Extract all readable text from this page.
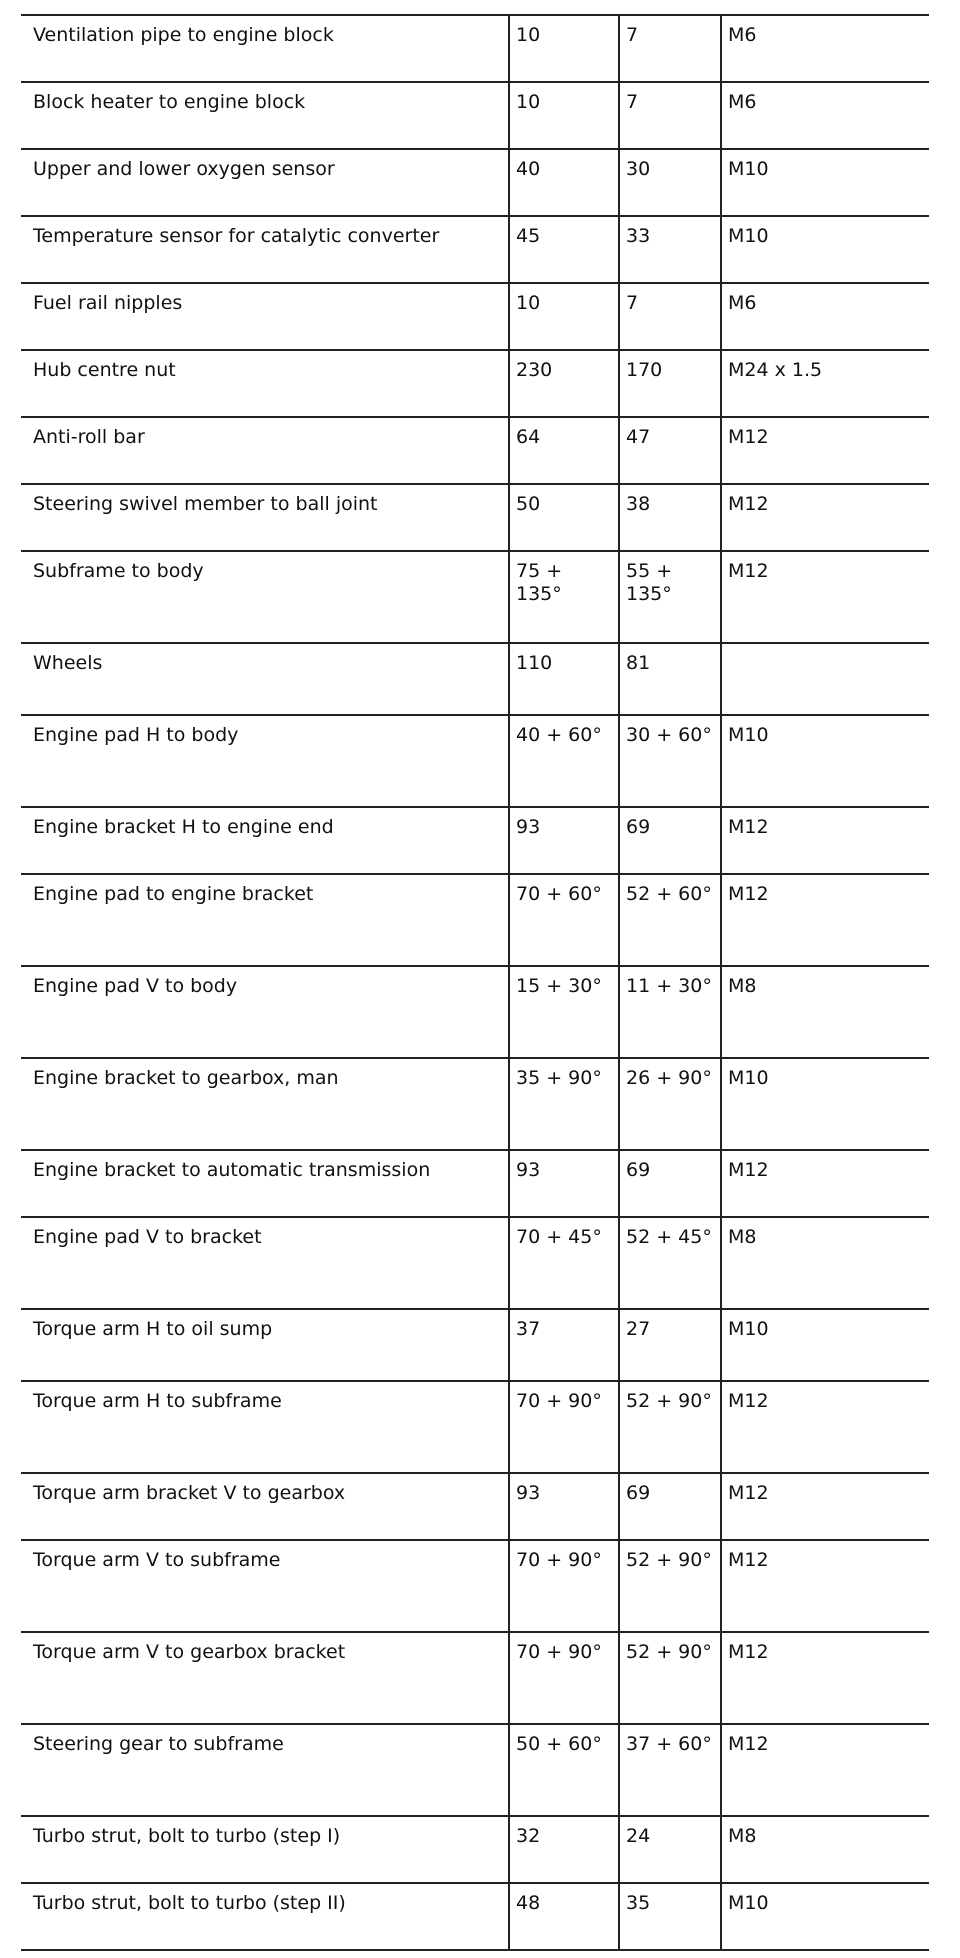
Ventilation pipe to engine block	10	7	M6
Block heater to engine block	10	7	M6
Upper and lower oxygen sensor	40	30	M10
Temperature sensor for catalytic converter	45	33	M10
Fuel rail nipples	10	7	M6
Hub centre nut	230	170	M24 x 1.5
Anti-roll bar	64	47	M12
Steering swivel member to ball joint	50	38	M12
Subframe to body	75 + 135°	55 + 135°	M12
Wheels	110	81	
Engine pad H to body	40 + 60°	30 + 60°	M10
Engine bracket H to engine end	93	69	M12
Engine pad to engine bracket	70 + 60°	52 + 60°	M12
Engine pad V to body	15 + 30°	11 + 30°	M8
Engine bracket to gearbox, man	35 + 90°	26 + 90°	M10
Engine bracket to automatic transmission	93	69	M12
Engine pad V to bracket	70 + 45°	52 + 45°	M8
Torque arm H to oil sump	37	27	M10
Torque arm H to subframe	70 + 90°	52 + 90°	M12
Torque arm bracket V to gearbox	93	69	M12
Torque arm V to subframe	70 + 90°	52 + 90°	M12
Torque arm V to gearbox bracket	70 + 90°	52 + 90°	M12
Steering gear to subframe	50 + 60°	37 + 60°	M12
Turbo strut, bolt to turbo (step I)	32	24	M8
Turbo strut, bolt to turbo (step II)	48	35	M10
